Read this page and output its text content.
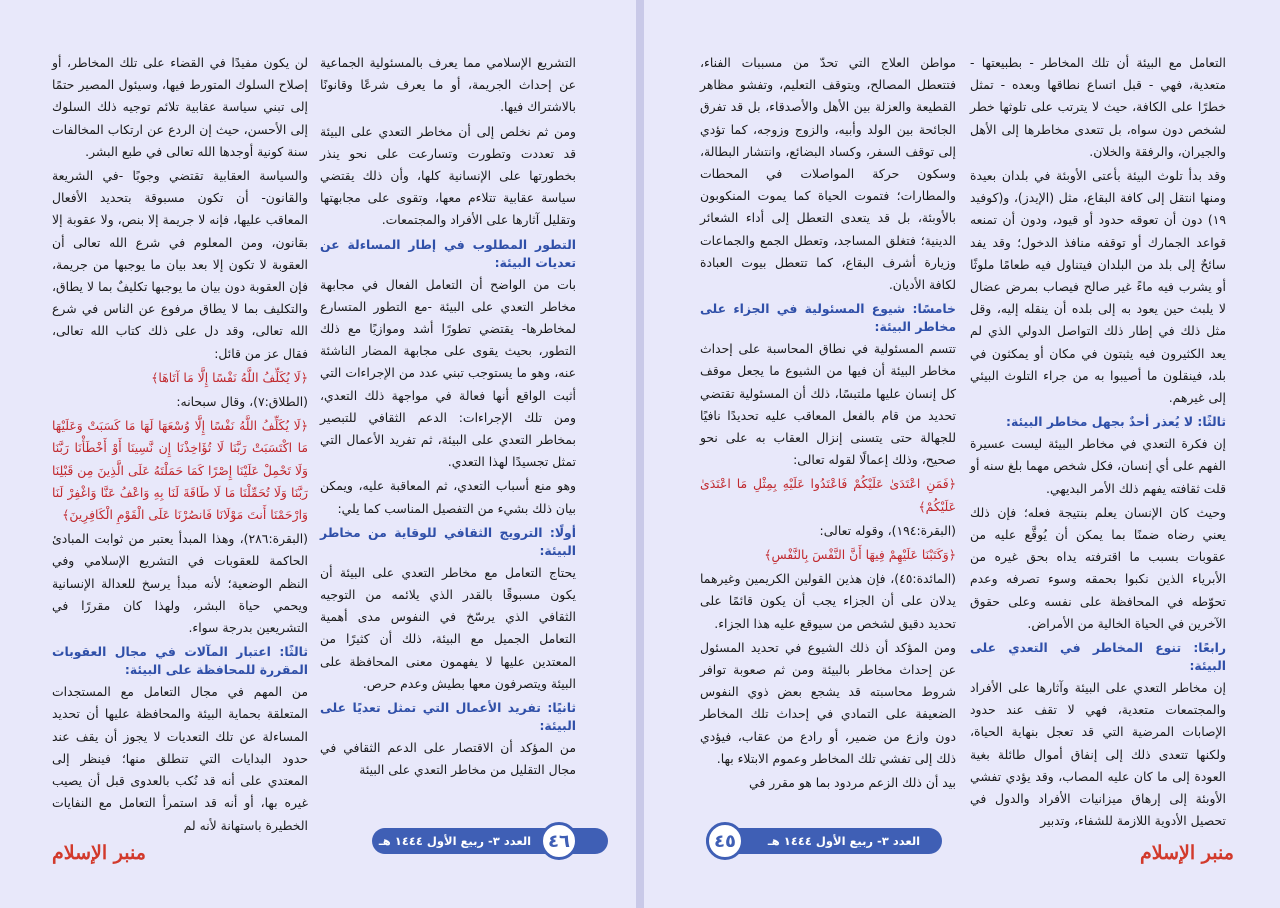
التشريع الإسلامي مما يعرف بالمسئولية الجماعية عن إحداث الجريمة، أو ما يعرف شرعًا وقانونًا بالاشتراك فيها.

ومن ثم نخلص إلى أن مخاطر التعدي على البيئة قد تعددت وتطورت وتسارعت على نحو ينذر بخطورتها على الإنسانية كلها، وأن ذلك يقتضي سياسة عقابية تتلاءم معها، وتقوى على مجابهتها وتقليل آثارها على الأفراد والمجتمعات.

التطور المطلوب في إطار المساءلة عن تعديات البيئة:

بات من الواضح أن التعامل الفعال في مجابهة مخاطر التعدي على البيئة -مع التطور المتسارع لمخاطرها- يقتضي تطورًا أشد وموازيًا مع ذلك التطور، بحيث يقوى على مجابهة المضار الناشئة عنه، وهو ما يستوجب تبني عدد من الإجراءات التي أثبت الواقع أنها فعالة في مواجهة ذلك التعدي، ومن تلك الإجراءات: الدعم الثقافي للتبصير بمخاطر التعدي على البيئة، ثم تفريد الأعمال التي تمثل تجسيدًا لهذا التعدي.

وهو منع أسباب التعدي، ثم المعاقبة عليه، ويمكن بيان ذلك بشيء من التفصيل المناسب كما يلي:

أولًا: الترويج الثقافي للوقاية من مخاطر البيئة:

يحتاج التعامل مع مخاطر التعدي على البيئة أن يكون مسبوقًا بالقدر الذي يلائمه من التوجيه الثقافي الذي يرسّخ في النفوس مدى أهمية التعامل الجميل مع البيئة، ذلك أن كثيرًا من المعتدين عليها لا يفهمون معنى المحافظة على البيئة ويتصرفون معها بطيش وعدم حرص.

ثانيًا: تفريد الأعمال التي تمثل تعديًا على البيئة:

من المؤكد أن الاقتصار على الدعم الثقافي في مجال التقليل من مخاطر التعدي على البيئة

لن يكون مفيدًا في القضاء على تلك المخاطر، أو إصلاح السلوك المتورط فيها، وسيئول المصير حتمًا إلى تبني سياسة عقابية تلائم توجيه ذلك السلوك إلى الأحسن، حيث إن الردع عن ارتكاب المخالفات سنة كونية أوجدها الله تعالى في طبع البشر.

والسياسة العقابية تقتضي وجوبًا -في الشريعة والقانون- أن تكون مسبوقة بتحديد الأفعال المعاقب عليها، فإنه لا جريمة إلا بنص، ولا عقوبة إلا بقانون، ومن المعلوم في شرع الله تعالى أن العقوبة لا تكون إلا بعد بيان ما يوجبها من جريمة، فإن العقوبة دون بيان ما يوجبها تكليفٌ بما لا يطاق، والتكليف بما لا يطاق مرفوع عن الناس في شرع الله تعالى، وقد دل على ذلك كتاب الله تعالى، فقال عز من قائل:

﴿لَا يُكَلِّفُ اللَّهُ نَفْسًا إِلَّا مَا آتَاهَا﴾

(الطلاق:٧)، وقال سبحانه:

﴿لَا يُكَلِّفُ اللَّهُ نَفْسًا إِلَّا وُسْعَهَا لَهَا مَا كَسَبَتْ وَعَلَيْهَا مَا اكْتَسَبَتْ رَبَّنَا لَا تُؤَاخِذْنَا إِن نَّسِينَا أَوْ أَخْطَأْنَا رَبَّنَا وَلَا تَحْمِلْ عَلَيْنَا إِصْرًا كَمَا حَمَلْتَهُ عَلَى الَّذِينَ مِن قَبْلِنَا رَبَّنَا وَلَا تُحَمِّلْنَا مَا لَا طَاقَةَ لَنَا بِهِ وَاعْفُ عَنَّا وَاغْفِرْ لَنَا وَارْحَمْنَا أَنتَ مَوْلَانَا فَانصُرْنَا عَلَى الْقَوْمِ الْكَافِرِينَ﴾

(البقرة:٢٨٦)، وهذا المبدأ يعتبر من ثوابت المبادئ الحاكمة للعقوبات في التشريع الإسلامي وفي النظم الوضعية؛ لأنه مبدأ يرسخ للعدالة الإنسانية ويحمي حياة البشر، ولهذا كان مقررًا في التشريعين بدرجة سواء.

ثالثًا: اعتبار المآلات في مجال العقوبات المقررة للمحافظة على البيئة:

من المهم في مجال التعامل مع المستجدات المتعلقة بحماية البيئة والمحافظة عليها أن تحديد المساءلة عن تلك التعديات لا يجوز أن يقف عند حدود البدايات التي تنطلق منها؛ فينظر إلى المعتدي على أنه قد نُكب بالعدوى قبل أن يصيب غيره بها، أو أنه قد استمرأ التعامل مع النفايات الخطيرة باستهانة لأنه لم

التعامل مع البيئة أن تلك المخاطر - بطبيعتها - متعدية، فهي - قبل اتساع نطاقها وبعده - تمثل خطرًا على الكافة، حيث لا يترتب على تلوثها خطر لشخص دون سواه، بل تتعدى مخاطرها إلى الأهل والجيران، والرفقة والخلان.

وقد بدأ تلوث البيئة بأعتى الأوبئة في بلدان بعيدة ومنها انتقل إلى كافة البقاع، مثل (الإيدز)، و(كوفيد ١٩) دون أن تعوقه حدود أو قيود، ودون أن تمنعه قواعد الجمارك أو توقفه منافذ الدخول؛ وقد يفد سائحٌ إلى بلد من البلدان فيتناول فيه طعامًا ملوثًا أو يشرب فيه ماءً غير صالح فيصاب بمرض عضال لا يلبث حين يعود به إلى بلده أن ينقله إليه، وقل مثل ذلك في إطار ذلك التواصل الدولي الذي لم يعد الكثيرون فيه يثبتون في مكان أو يمكثون في بلد، فينقلون ما أصيبوا به من جراء التلوث البيئي إلى غيرهم.

ثالثًا: لا يُعذر أحدٌ بجهل مخاطر البيئة:

إن فكرة التعدي في مخاطر البيئة ليست عسيرة الفهم على أي إنسان، فكل شخص مهما بلغ سنه أو قلت ثقافته يفهم ذلك الأمر البديهي.

وحيث كان الإنسان يعلم بنتيجة فعله؛ فإن ذلك يعني رضاه ضمنًا بما يمكن أن يُوقَّع عليه من عقوبات بسبب ما اقترفته يداه بحق غيره من الأبرياء الذين نكبوا بحمقه وسوء تصرفه وعدم تحوّطه في المحافظة على نفسه وعلى حقوق الآخرين في الحياة الخالية من الأمراض.

رابعًا: تنوع المخاطر في التعدي على البيئة:

إن مخاطر التعدي على البيئة وآثارها على الأفراد والمجتمعات متعدية، فهي لا تقف عند حدود الإصابات المرضية التي قد تعجل بنهاية الحياة، ولكنها تتعدى ذلك إلى إنفاق أموال طائلة بغية العودة إلى ما كان عليه المصاب، وقد يؤدي تفشي الأوبئة إلى إرهاق ميزانيات الأفراد والدول في تحصيل الأدوية اللازمة للشفاء، وتدبير

مواطن العلاج التي تحدّ من مسببات الفناء، فتتعطل المصالح، ويتوقف التعليم، وتفشو مظاهر القطيعة والعزلة بين الأهل والأصدقاء، بل قد تفرق الجائحة بين الولد وأبيه، والزوج وزوجه، كما تؤدي إلى توقف السفر، وكساد البضائع، وانتشار البطالة، وسكون حركة المواصلات في المحطات والمطارات؛ فتموت الحياة كما يموت المنكوبون بالأوبئة، بل قد يتعدى التعطل إلى أداء الشعائر الدينية؛ فتغلق المساجد، وتعطل الجمع والجماعات وزيارة أشرف البقاع، كما تتعطل بيوت العبادة لكافة الأديان.

خامسًا: شيوع المسئولية في الجزاء على مخاطر البيئة:

تتسم المسئولية في نطاق المحاسبة على إحداث مخاطر البيئة أن فيها من الشيوع ما يجعل موقف كل إنسان عليها ملتبسًا، ذلك أن المسئولية تقتضي تحديد من قام بالفعل المعاقب عليه تحديدًا نافيًا للجهالة حتى يتسنى إنزال العقاب به على نحو صحيح، وذلك إعمالًا لقوله تعالى:

﴿فَمَنِ اعْتَدَىٰ عَلَيْكُمْ فَاعْتَدُوا عَلَيْهِ بِمِثْلِ مَا اعْتَدَىٰ عَلَيْكُمْ﴾

(البقرة:١٩٤)، وقوله تعالى:

﴿وَكَتَبْنَا عَلَيْهِمْ فِيهَا أَنَّ النَّفْسَ بِالنَّفْسِ﴾

(المائدة:٤٥)، فإن هذين القولين الكريمين وغيرهما يدلان على أن الجزاء يجب أن يكون قائمًا على تحديد دقيق لشخص من سيوقع عليه هذا الجزاء.

ومن المؤكد أن ذلك الشيوع في تحديد المسئول عن إحداث مخاطر بالبيئة ومن ثم صعوبة توافر شروط محاسبته قد يشجع بعض ذوي النفوس الضعيفة على التمادي في إحداث تلك المخاطر دون وازع من ضمير، أو رادع من عقاب، فيؤدي ذلك إلى تفشي تلك المخاطر وعموم الابتلاء بها.

بيد أن ذلك الزعم مردود بما هو مقرر في

العدد ٣- ربيع الأول ١٤٤٤ هـ ٤٦
منبر الإسلام
العدد ٣- ربيع الأول ١٤٤٤ هـ
٤٥
منبر الإسلام
